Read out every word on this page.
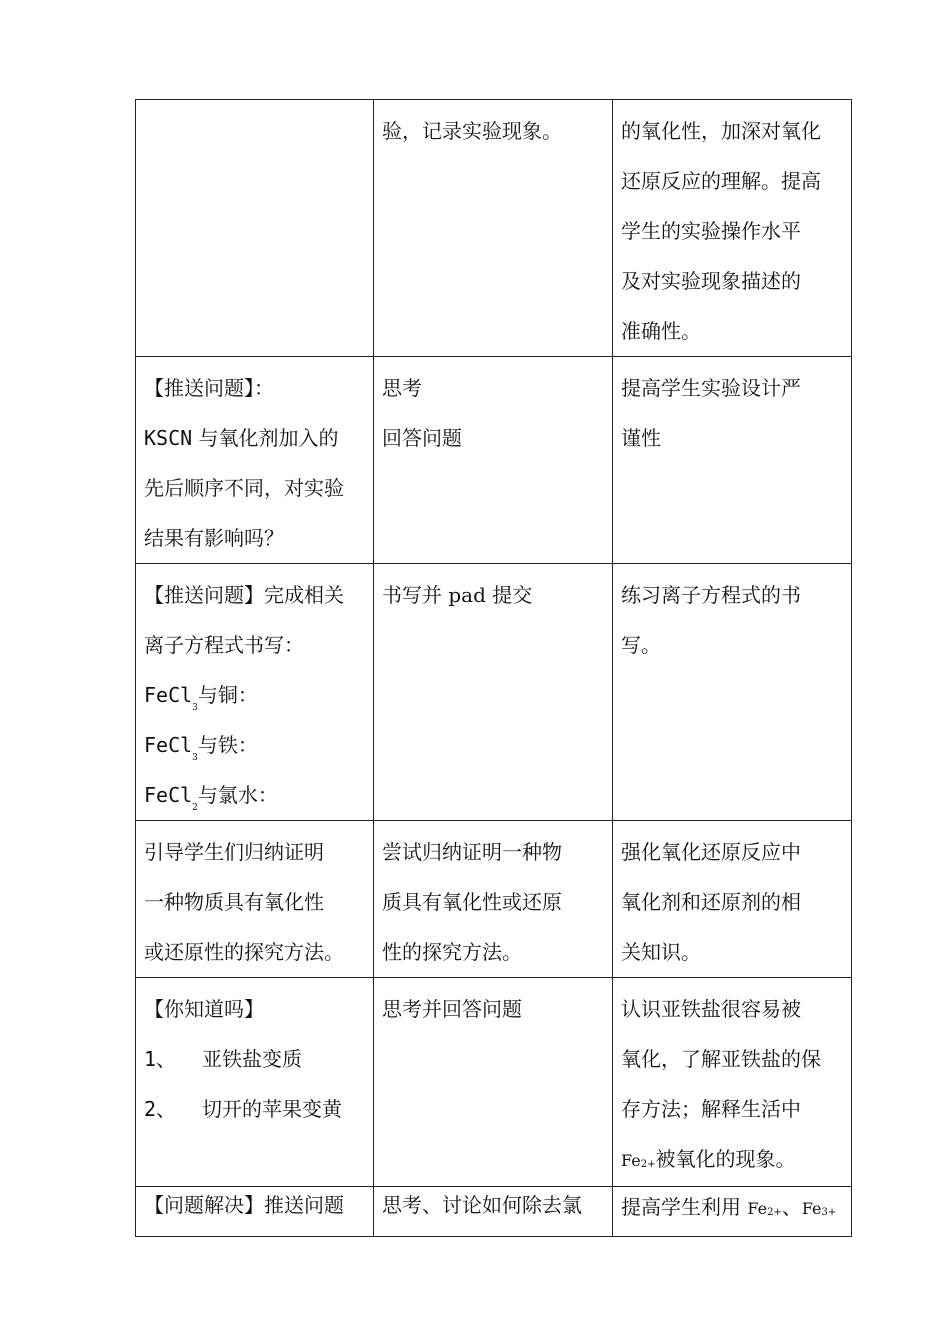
	验，记录实验现象。	的氧化性，加深对氧化
还原反应的理解。提高
学生的实验操作水平
及对实验现象描述的
准确性。

【推送问题】：
KSCN 与氧化剂加入的
先后顺序不同，对实验
结果有影响吗？	思考
回答问题	提高学生实验设计严
谨性

【推送问题】完成相关
离子方程式书写：
FeCl$_3$与铜：
FeCl$_3$与铁：
FeCl$_2$与氯水：	书写并 pad 提交	练习离子方程式的书
写。

引导学生们归纳证明
一种物质具有氧化性
或还原性的探究方法。	尝试归纳证明一种物
质具有氧化性或还原
性的探究方法。	强化氧化还原反应中
氧化剂和还原剂的相
关知识。

【你知道吗】
1、 亚铁盐变质
2、 切开的苹果变黄	思考并回答问题	认识亚铁盐很容易被
氧化，了解亚铁盐的保
存方法；解释生活中
$Fe^{2+}$被氧化的现象。

【问题解决】推送问题	思考、讨论如何除去氯	提高学生利用 $Fe^{2+}$、$Fe^{3+}$
